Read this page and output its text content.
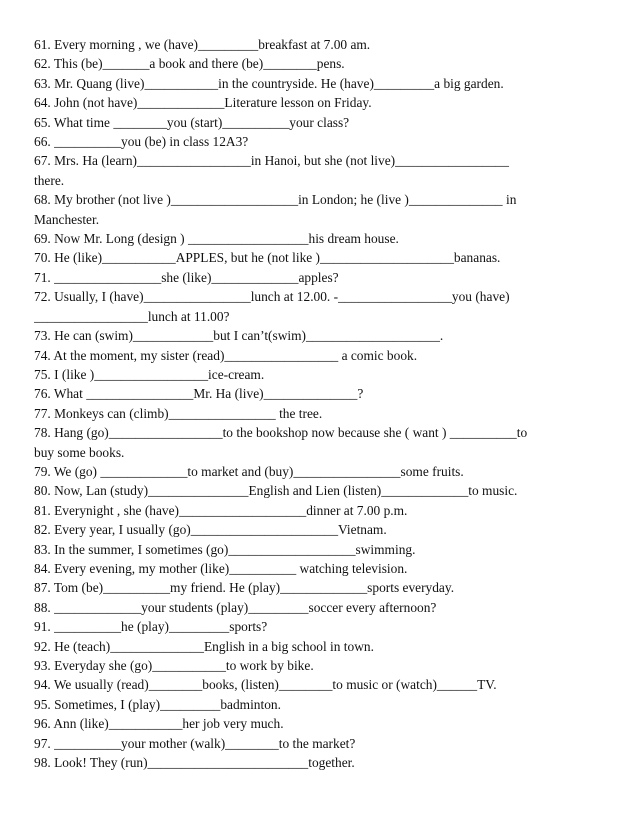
61. Every morning , we (have)_________breakfast at 7.00 am.
62. This (be)_______a book and there (be)________pens.
63. Mr. Quang (live)___________in the countryside. He (have)_________a big garden.
64. John (not have)_____________Literature lesson on Friday.
65. What time ________you (start)__________your class?
66. __________you (be) in class 12A3?
67. Mrs. Ha (learn)_________________in Hanoi, but she (not live)_________________
there.
68. My brother (not live )___________________in London; he (live )______________ in
Manchester.
69. Now Mr. Long (design ) __________________his dream house.
70. He (like)___________APPLES, but he (not like )____________________bananas.
71. ________________she (like)_____________apples?
72. Usually, I (have)________________lunch at 12.00. -_________________you (have)
_________________lunch at 11.00?
73. He can (swim)____________but I can’t(swim)____________________.
74. At the moment, my sister (read)_________________ a comic book.
75. I (like )_________________ice-cream.
76. What ________________Mr. Ha (live)______________?
77. Monkeys can (climb)________________ the tree.
78. Hang (go)_________________to the bookshop now because she ( want ) __________to
buy some books.
79. We (go) _____________to market and (buy)________________some fruits.
80. Now, Lan (study)_______________English and Lien (listen)_____________to music.
81. Everynight , she (have)___________________dinner at 7.00 p.m.
82. Every year, I usually (go)______________________Vietnam.
83. In the summer, I sometimes (go)___________________swimming.
84. Every evening, my mother (like)__________ watching television.
87. Tom (be)__________my friend. He (play)_____________sports everyday.
88. _____________your students (play)_________soccer every afternoon?
91. __________he (play)_________sports?
92. He (teach)______________English in a big school in town.
93. Everyday she (go)___________to work by bike.
94. We usually (read)________books, (listen)________to music or (watch)______TV.
95. Sometimes, I (play)_________badminton.
96. Ann (like)___________her job very much.
97. __________your mother (walk)________to the market?
98. Look! They (run)________________________together.
